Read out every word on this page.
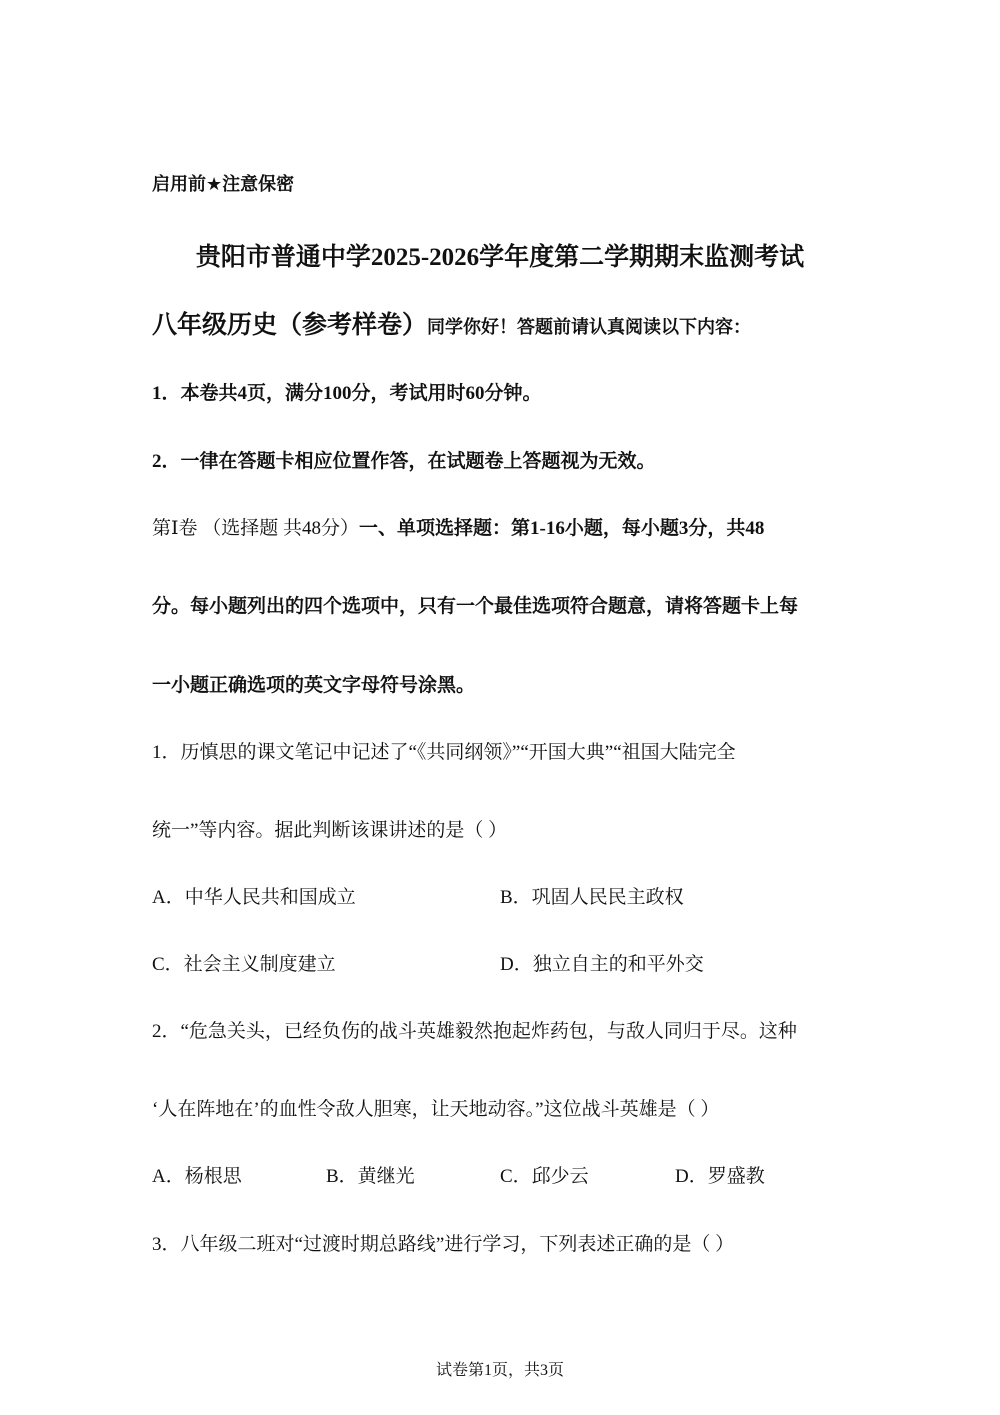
启用前★注意保密
贵阳市普通中学2025-2026学年度第二学期期末监测考试
八年级历史（参考样卷）同学你好！答题前请认真阅读以下内容：
1．本卷共4页，满分100分，考试用时60分钟。
2．一律在答题卡相应位置作答，在试题卷上答题视为无效。
第Ⅰ卷 （选择题 共48分）一、单项选择题：第1-16小题，每小题3分，共48
分。每小题列出的四个选项中，只有一个最佳选项符合题意，请将答题卡上每
一小题正确选项的英文字母符号涂黑。
1．历慎思的课文笔记中记述了“《共同纲领》”“开国大典”“祖国大陆完全
统一”等内容。据此判断该课讲述的是（ ）
A．中华人民共和国成立	B．巩固人民民主政权
C．社会主义制度建立	D．独立自主的和平外交
2．“危急关头，已经负伤的战斗英雄毅然抱起炸药包，与敌人同归于尽。这种
‘人在阵地在’的血性令敌人胆寒，让天地动容。”这位战斗英雄是（ ）
A．杨根思	B．黄继光	C．邱少云	D．罗盛教
3．八年级二班对“过渡时期总路线”进行学习，下列表述正确的是（ ）
试卷第1页，共3页
